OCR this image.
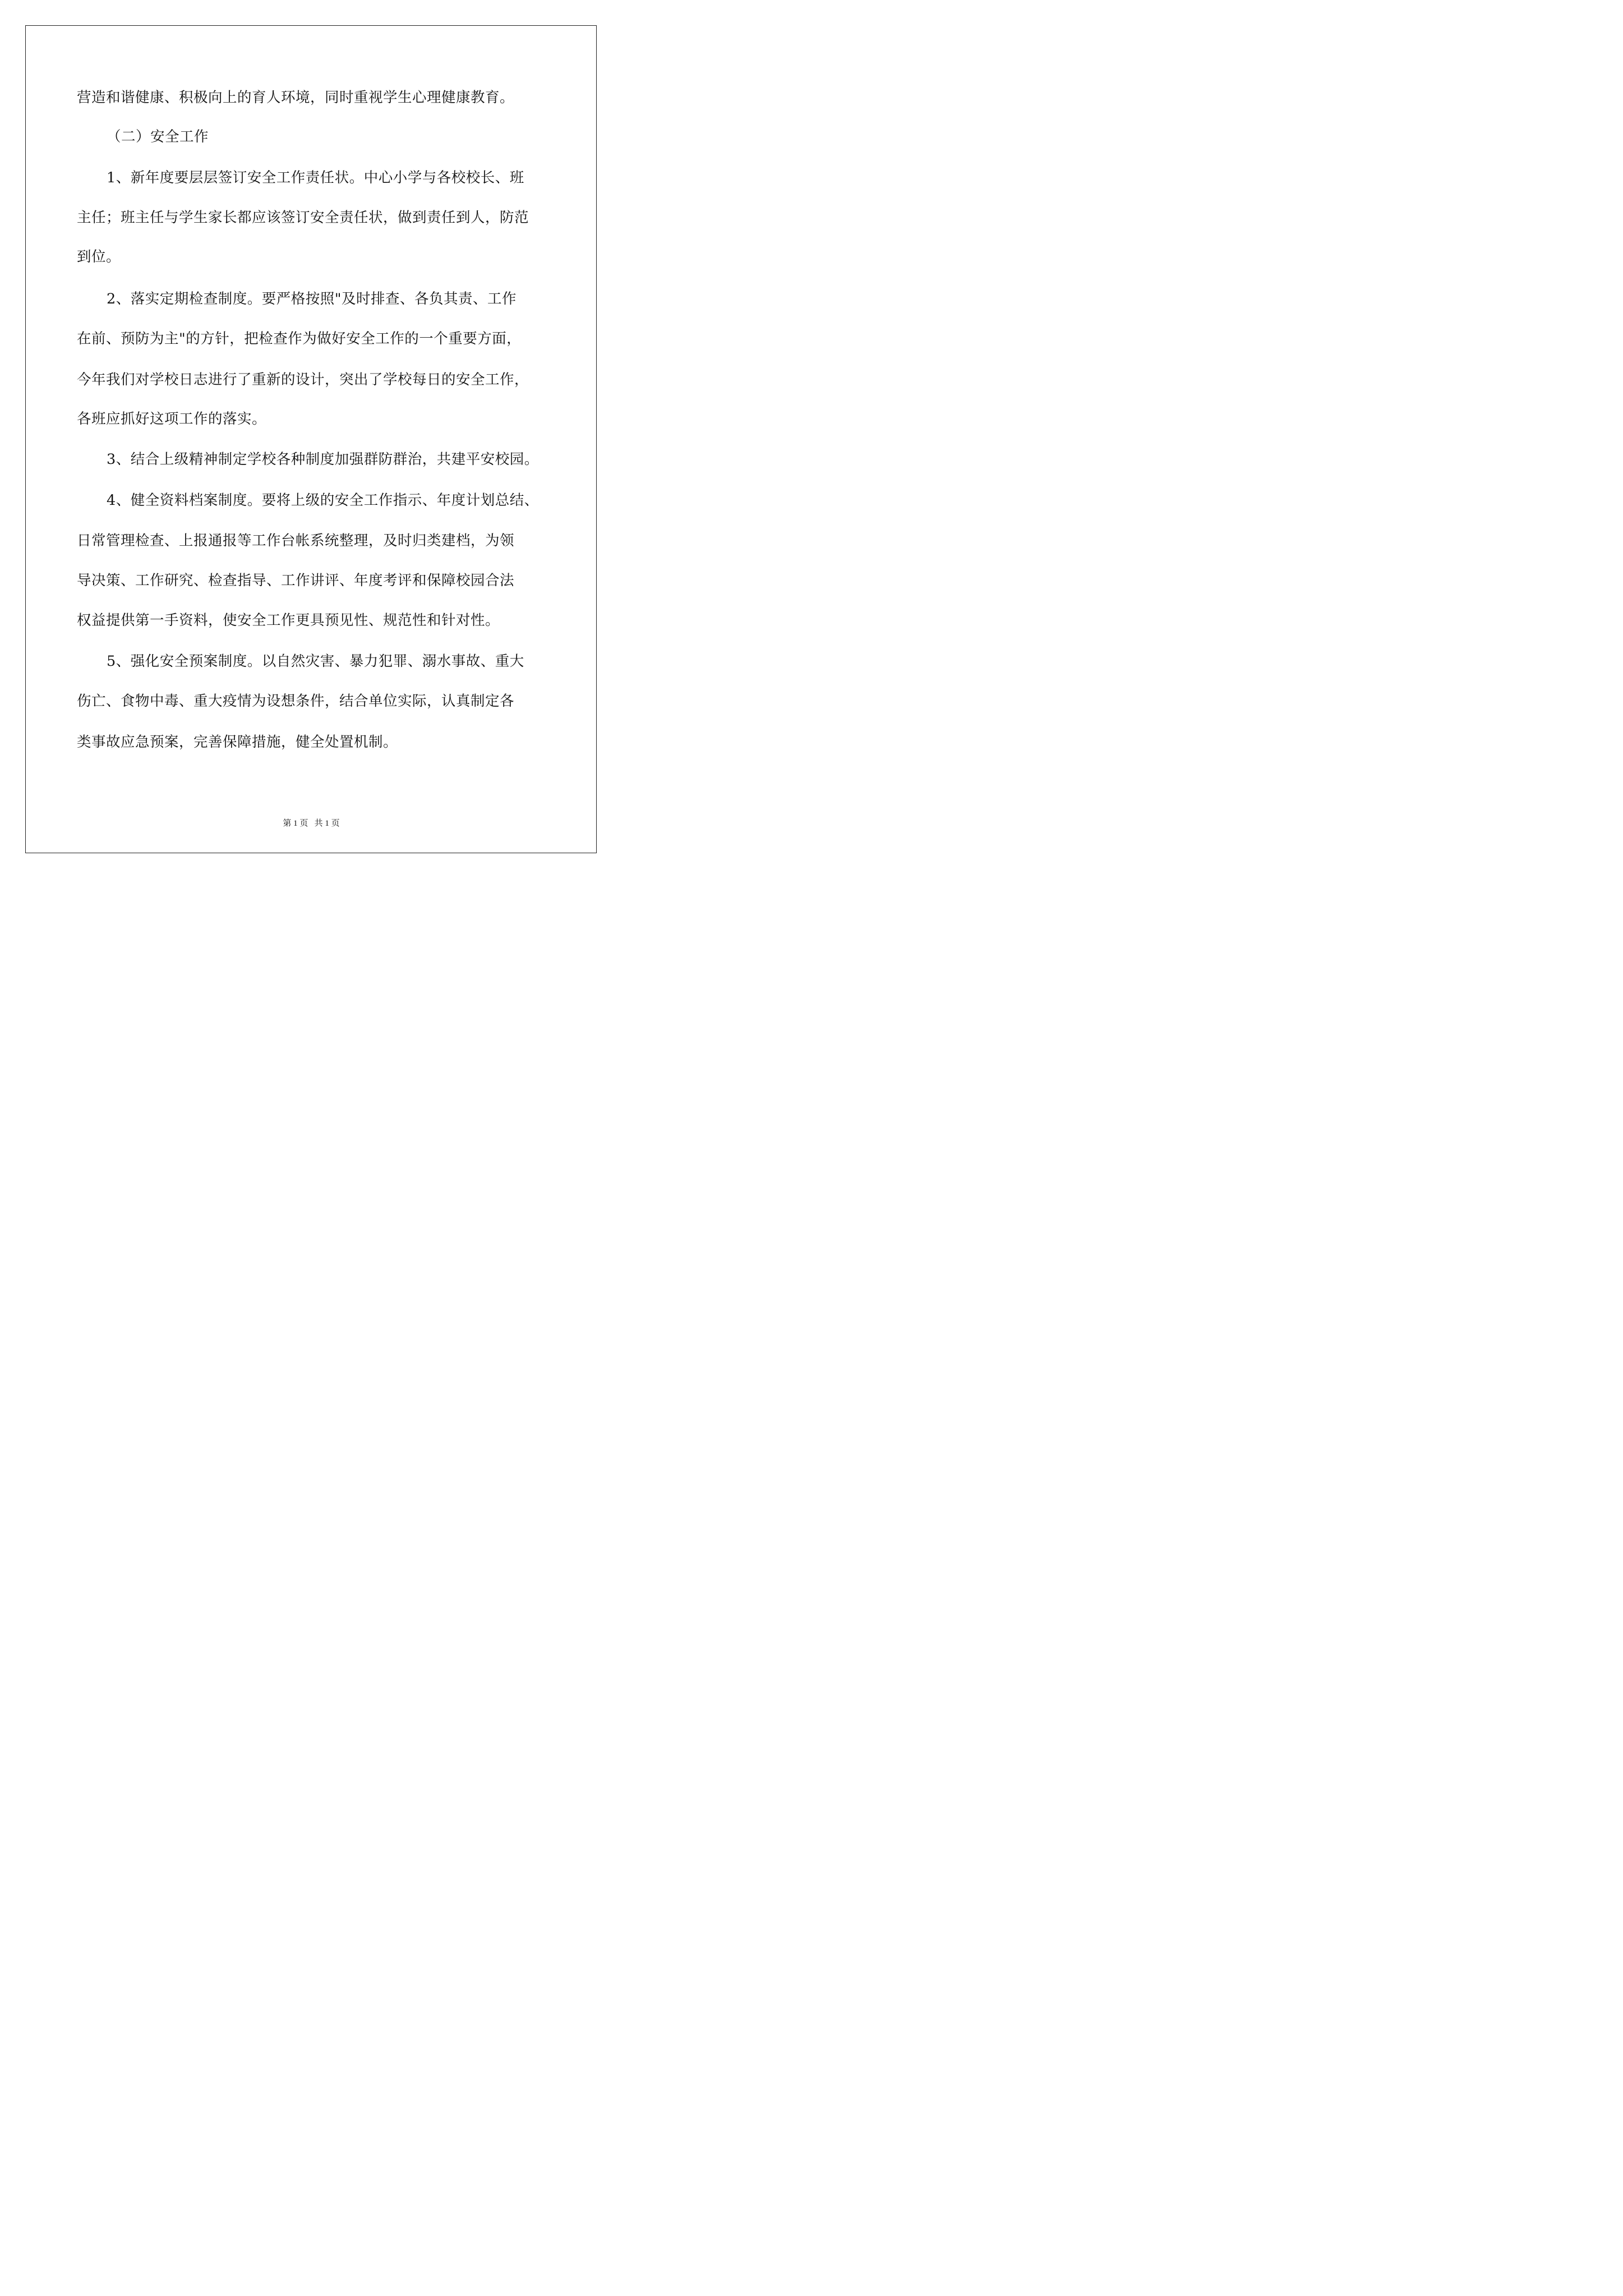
营造和谐健康、积极向上的育人环境，同时重视学生心理健康教育。
（二）安全工作
1、新年度要层层签订安全工作责任状。中心小学与各校校长、班
主任；班主任与学生家长都应该签订安全责任状，做到责任到人，防范
到位。
2、落实定期检查制度。要严格按照"及时排查、各负其责、工作
在前、预防为主"的方针，把检查作为做好安全工作的一个重要方面，
今年我们对学校日志进行了重新的设计，突出了学校每日的安全工作，
各班应抓好这项工作的落实。
3、结合上级精神制定学校各种制度加强群防群治，共建平安校园。
4、健全资料档案制度。要将上级的安全工作指示、年度计划总结、
日常管理检查、上报通报等工作台帐系统整理，及时归类建档，为领
导决策、工作研究、检查指导、工作讲评、年度考评和保障校园合法
权益提供第一手资料，使安全工作更具预见性、规范性和针对性。
5、强化安全预案制度。以自然灾害、暴力犯罪、溺水事故、重大
伤亡、食物中毒、重大疫情为设想条件，结合单位实际，认真制定各
类事故应急预案，完善保障措施，健全处置机制。
第 1 页   共 1 页
